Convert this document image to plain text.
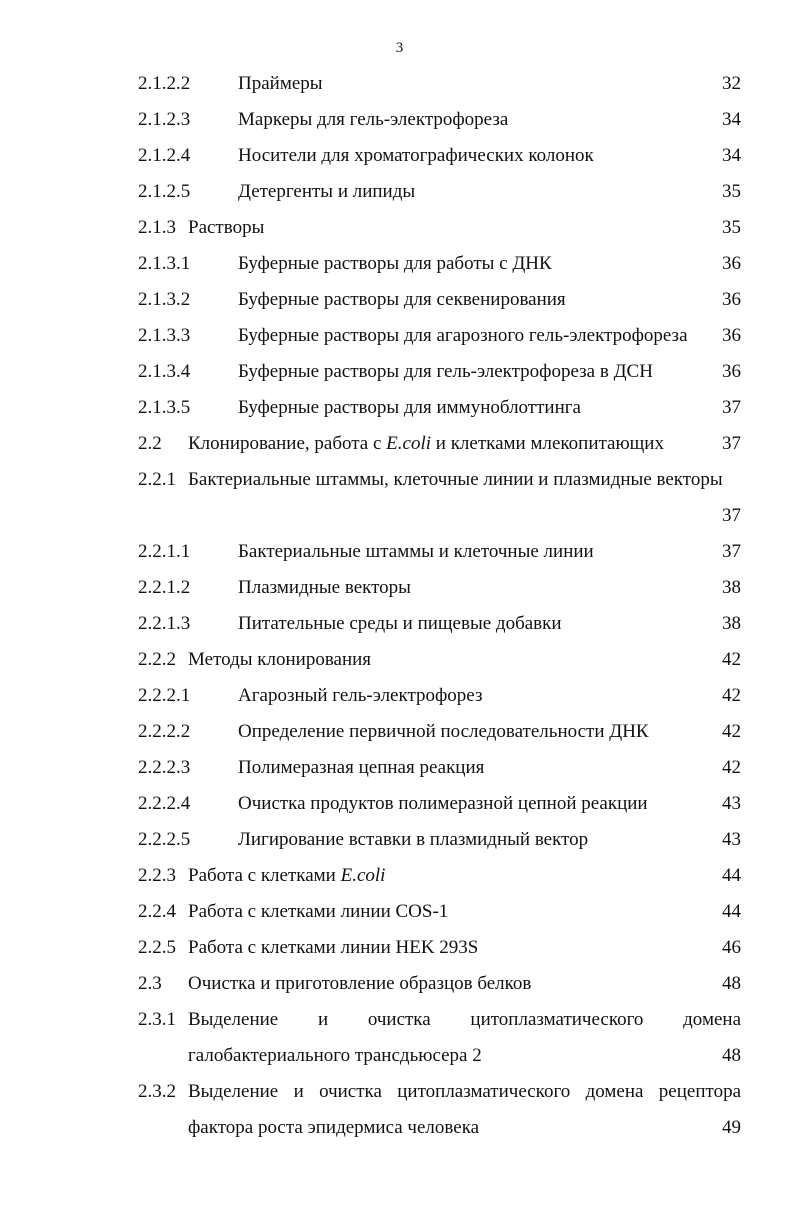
3
2.1.2.2	Праймеры	32
2.1.2.3	Маркеры для гель-электрофореза	34
2.1.2.4	Носители для хроматографических колонок	34
2.1.2.5	Детергенты и липиды	35
2.1.3 Растворы	35
2.1.3.1	Буферные растворы для работы с ДНК	36
2.1.3.2	Буферные растворы для секвенирования	36
2.1.3.3	Буферные растворы для агарозного гель-электрофореза 36
2.1.3.4	Буферные растворы для гель-электрофореза в ДСН	36
2.1.3.5	Буферные растворы для иммуноблоттинга	37
2.2 Клонирование, работа с E.coli и клетками млекопитающих	37
2.2.1 Бактериальные штаммы, клеточные линии и плазмидные векторы
37
2.2.1.1	Бактериальные штаммы и клеточные линии	37
2.2.1.2	Плазмидные векторы	38
2.2.1.3	Питательные среды и пищевые добавки	38
2.2.2 Методы клонирования	42
2.2.2.1	Агарозный гель-электрофорез	42
2.2.2.2	Определение первичной последовательности ДНК	42
2.2.2.3	Полимеразная цепная реакция	42
2.2.2.4	Очистка продуктов полимеразной цепной реакции	43
2.2.2.5	Лигирование вставки в плазмидный вектор	43
2.2.3 Работа с клетками E.coli	44
2.2.4 Работа с клетками линии COS-1	44
2.2.5 Работа с клетками линии HEK 293S	46
2.3 Очистка и приготовление образцов белков	48
2.3.1 Выделение и очистка цитоплазматического домена
галобактериального трансдьюсера 2	48
2.3.2 Выделение и очистка цитоплазматического домена рецептора
фактора роста эпидермиса человека	49
